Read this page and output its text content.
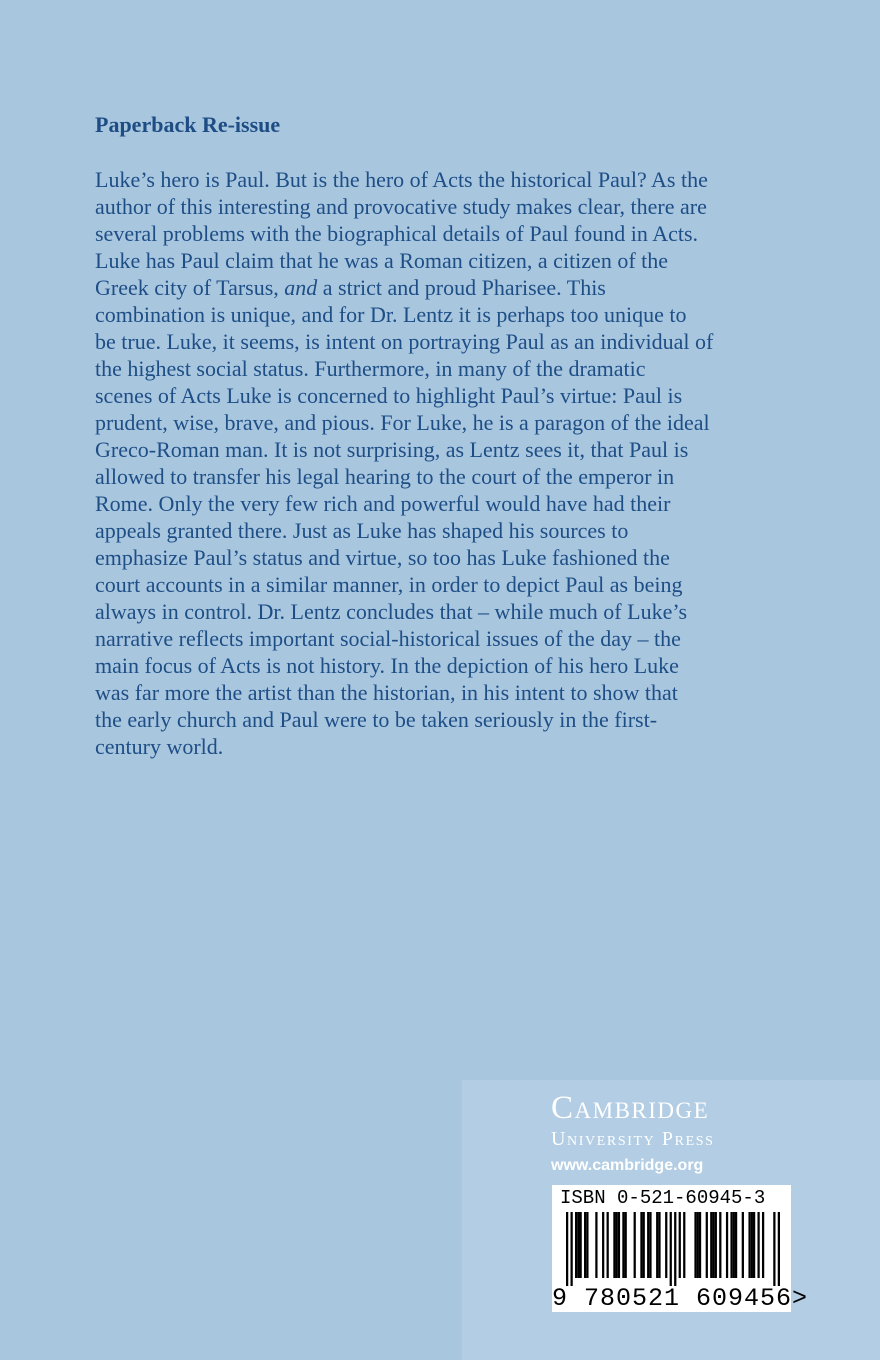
Paperback Re-issue
Luke’s hero is Paul. But is the hero of Acts the historical Paul? As the
author of this interesting and provocative study makes clear, there are
several problems with the biographical details of Paul found in Acts.
Luke has Paul claim that he was a Roman citizen, a citizen of the
Greek city of Tarsus, and a strict and proud Pharisee. This
combination is unique, and for Dr. Lentz it is perhaps too unique to
be true. Luke, it seems, is intent on portraying Paul as an individual of
the highest social status. Furthermore, in many of the dramatic
scenes of Acts Luke is concerned to highlight Paul’s virtue: Paul is
prudent, wise, brave, and pious. For Luke, he is a paragon of the ideal
Greco-Roman man. It is not surprising, as Lentz sees it, that Paul is
allowed to transfer his legal hearing to the court of the emperor in
Rome. Only the very few rich and powerful would have had their
appeals granted there. Just as Luke has shaped his sources to
emphasize Paul’s status and virtue, so too has Luke fashioned the
court accounts in a similar manner, in order to depict Paul as being
always in control. Dr. Lentz concludes that – while much of Luke’s
narrative reflects important social-historical issues of the day – the
main focus of Acts is not history. In the depiction of his hero Luke
was far more the artist than the historian, in his intent to show that
the early church and Paul were to be taken seriously in the first-
century world.
Cambridge
University Press
www.cambridge.org
ISBN 0-521-60945-3
9 780521 609456>
